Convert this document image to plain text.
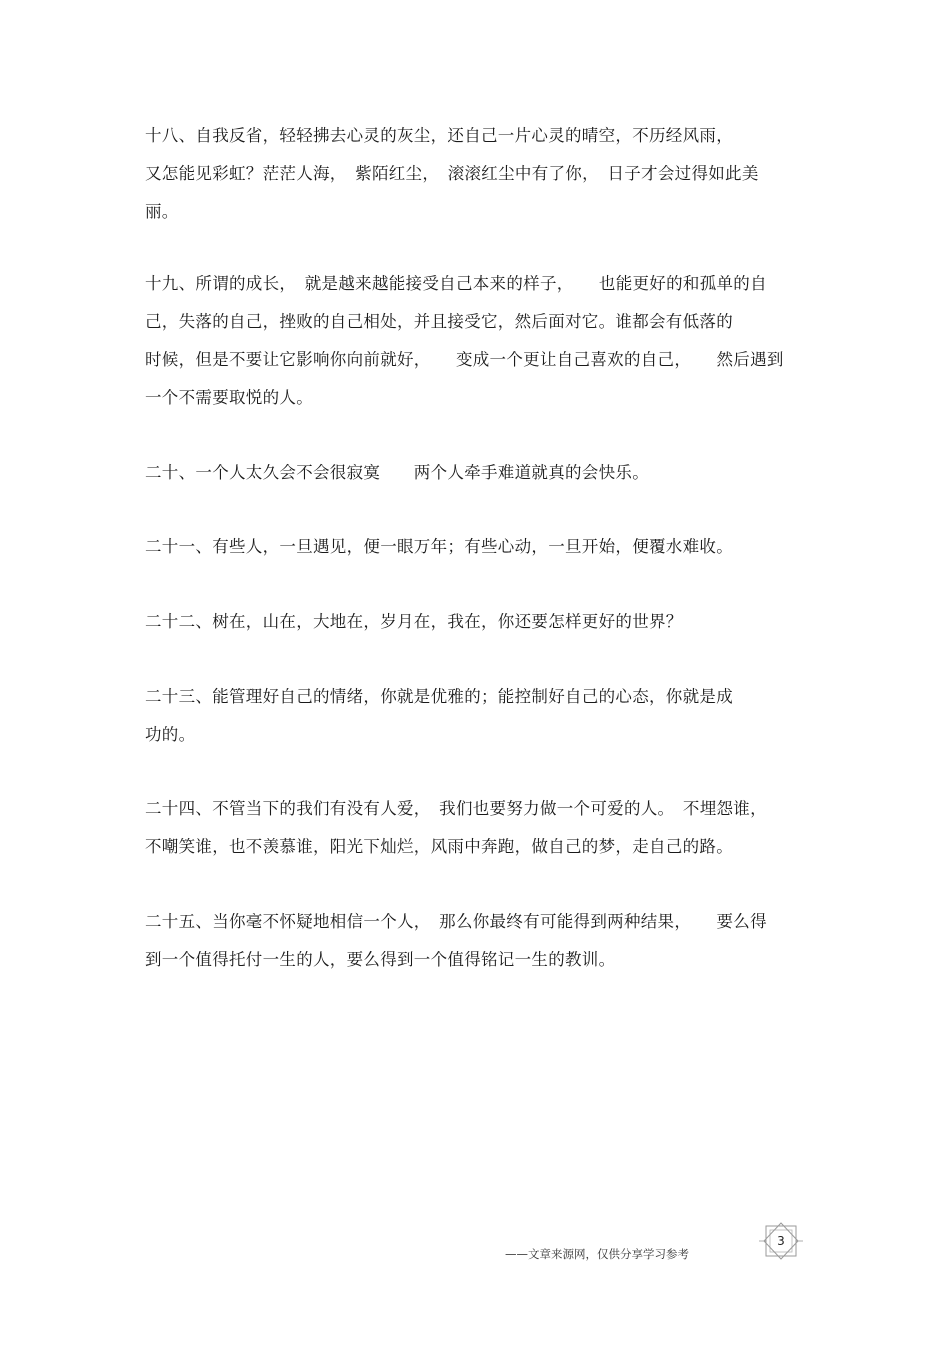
十八、自我反省，轻轻拂去心灵的灰尘，还自己一片心灵的晴空，不历经风雨，
又怎能见彩虹？茫茫人海，　紫陌红尘，　滚滚红尘中有了你，　日子才会过得如此美
丽。
十九、所谓的成长，　就是越来越能接受自己本来的样子，　　也能更好的和孤单的自
己，失落的自己，挫败的自己相处，并且接受它，然后面对它。谁都会有低落的
时候，但是不要让它影响你向前就好，　　变成一个更让自己喜欢的自己，　　然后遇到
一个不需要取悦的人。
二十、一个人太久会不会很寂寞　　两个人牵手难道就真的会快乐。
二十一、有些人，一旦遇见，便一眼万年；有些心动，一旦开始，便覆水难收。
二十二、树在，山在，大地在，岁月在，我在，你还要怎样更好的世界？
二十三、能管理好自己的情绪，你就是优雅的；能控制好自己的心态，你就是成
功的。
二十四、不管当下的我们有没有人爱，　我们也要努力做一个可爱的人。　不埋怨谁，
不嘲笑谁，也不羡慕谁，阳光下灿烂，风雨中奔跑，做自己的梦，走自己的路。
二十五、当你毫不怀疑地相信一个人，　那么你最终有可能得到两种结果，　　要么得
到一个值得托付一生的人，要么得到一个值得铭记一生的教训。
——文章来源网，仅供分享学习参考
3
